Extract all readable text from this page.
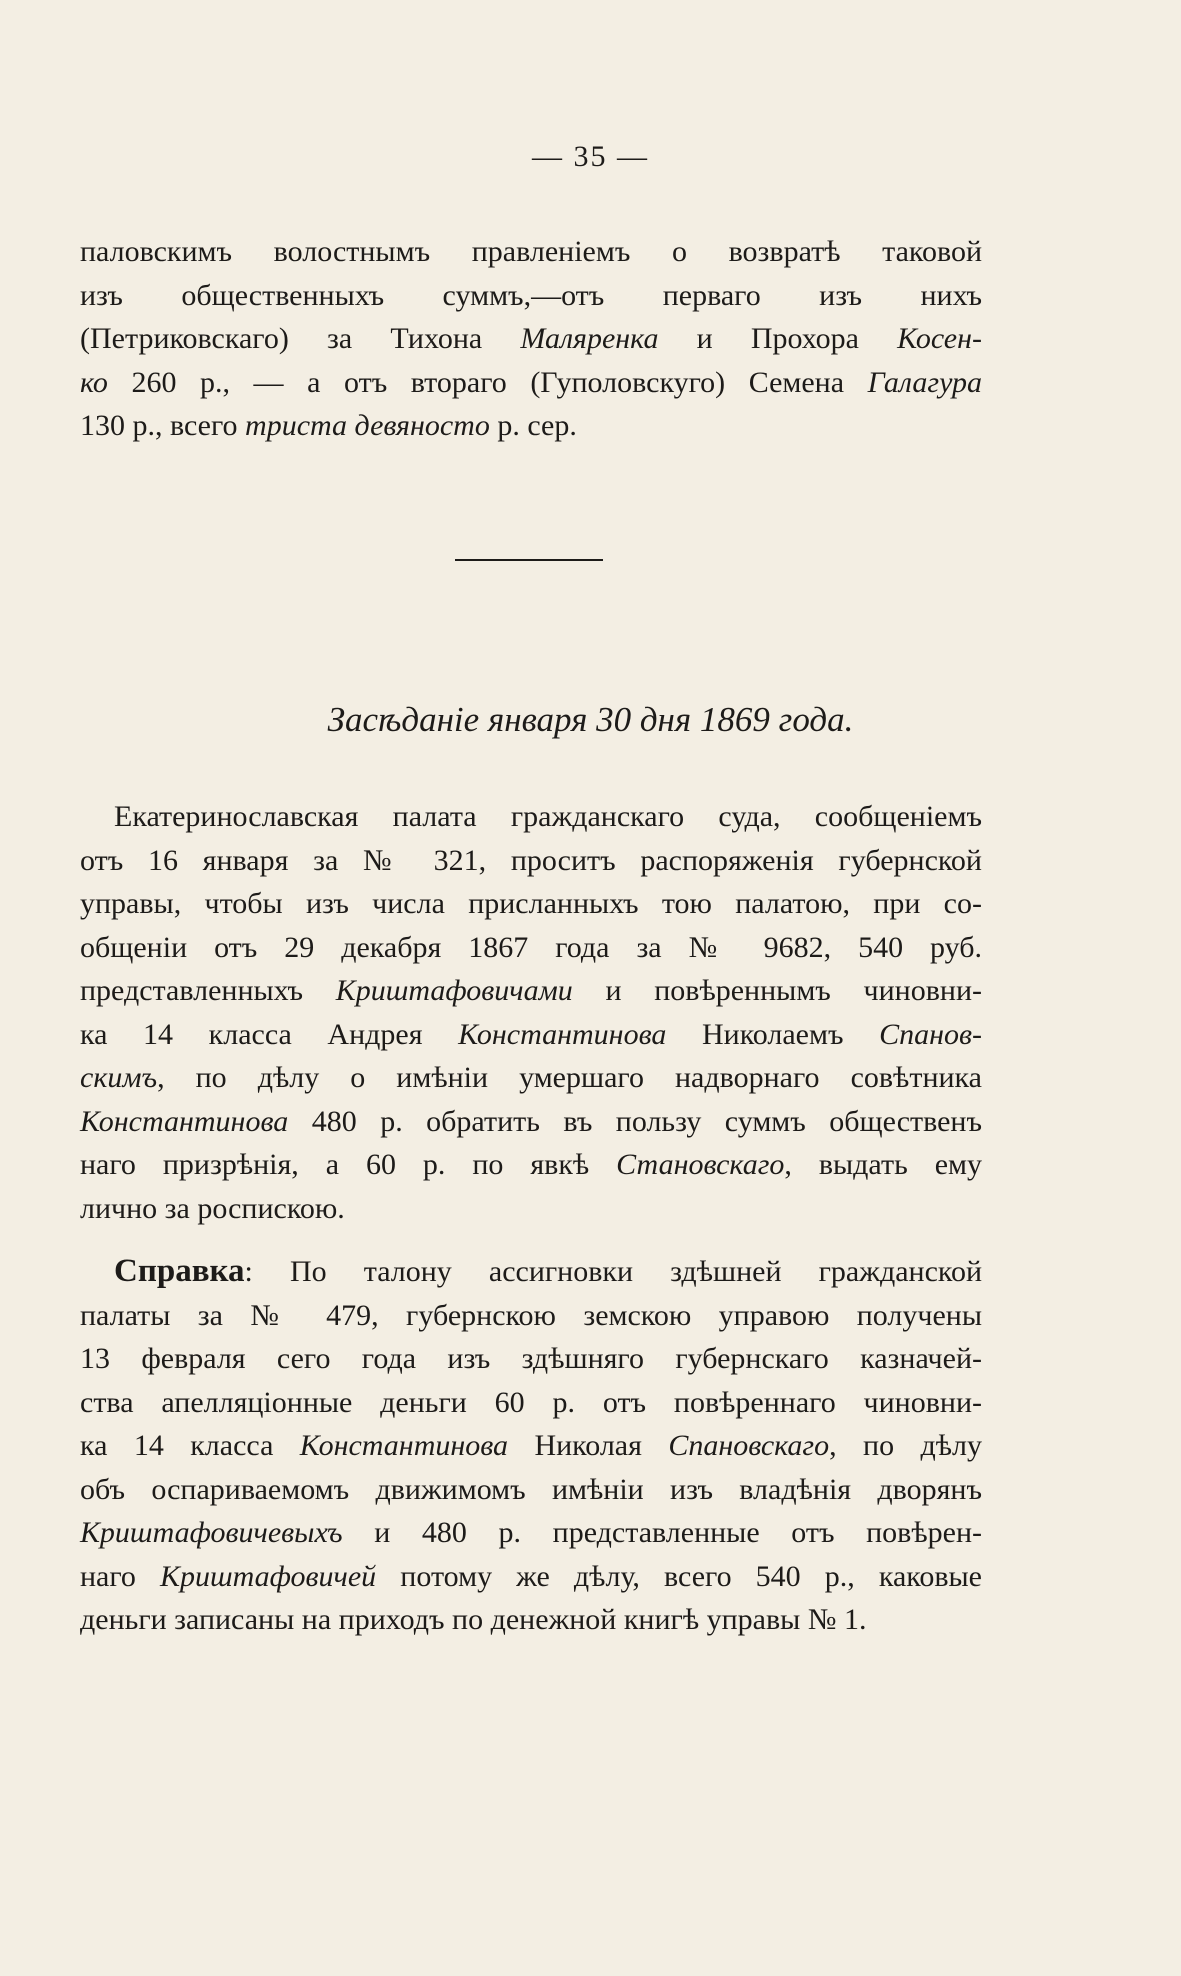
— 35 —
паловскимъ волостнымъ правленіемъ о возвратѣ таковой
изъ общественныхъ суммъ,—отъ перваго изъ нихъ
(Петриковскаго) за Тихона Маляренка и Прохора Косен-
ко 260 р., — а отъ втораго (Гуполовскуго) Семена Галагура
130 р., всего триста девяносто р. сер.
Засѣданіе января 30 дня 1869 года.
Екатеринославская палата гражданскаго суда, сообщеніемъ
отъ 16 января за № 321, проситъ распоряженія губернской
управы, чтобы изъ числа присланныхъ тою палатою, при со-
общеніи отъ 29 декабря 1867 года за № 9682, 540 руб.
представленныхъ Криштафовичами и повѣреннымъ чиновни-
ка 14 класса Андрея Константинова Николаемъ Спанов-
скимъ, по дѣлу о имѣніи умершаго надворнаго совѣтника
Константинова 480 р. обратить въ пользу суммъ общественъ
наго призрѣнія, а 60 р. по явкѣ Становскаго, выдать ему
лично за роспискою.
Справка: По талону ассигновки здѣшней гражданской
палаты за № 479, губернскою земскою управою получены
13 февраля сего года изъ здѣшняго губернскаго казначей-
ства апелляціонные деньги 60 р. отъ повѣреннаго чиновни-
ка 14 класса Константинова Николая Спановскаго, по дѣлу
объ оспариваемомъ движимомъ имѣніи изъ владѣнія дворянъ
Криштафовичевыхъ и 480 р. представленные отъ повѣрен-
наго Криштафовичей потому же дѣлу, всего 540 р., каковые
деньги записаны на приходъ по денежной книгѣ управы № 1.
